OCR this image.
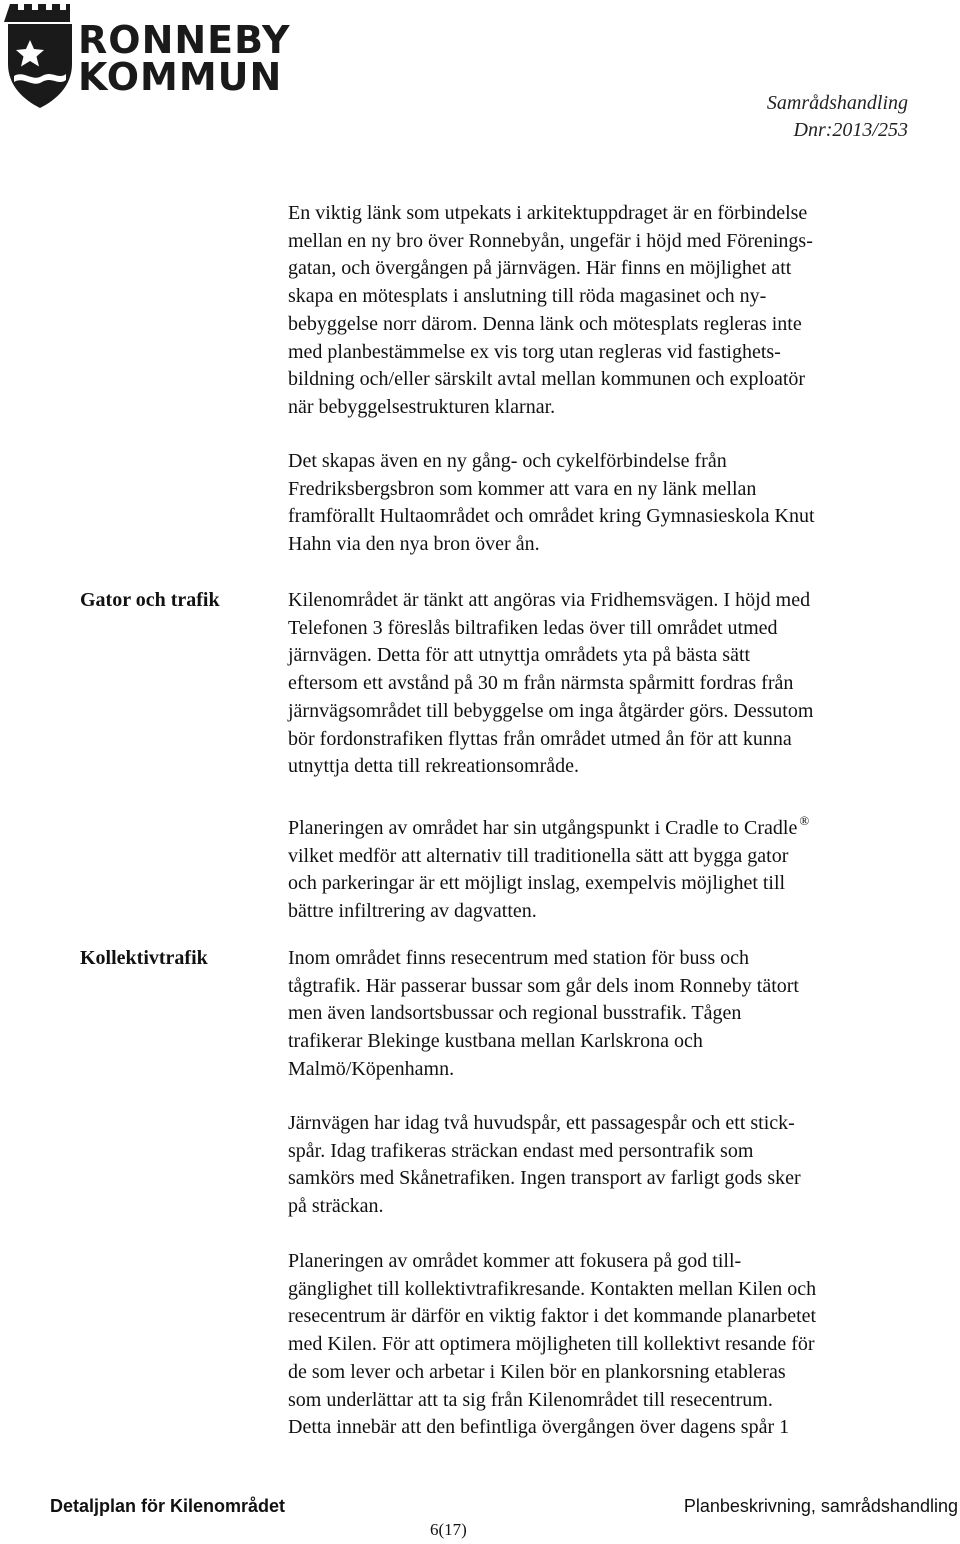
RONNEBY
KOMMUN
Samrådshandling
Dnr:2013/253
En viktig länk som utpekats i arkitektuppdraget är en förbindelse
mellan en ny bro över Ronnebyån, ungefär i höjd med Förenings-
gatan, och övergången på järnvägen. Här finns en möjlighet att
skapa en mötesplats i anslutning till röda magasinet och ny-
bebyggelse norr därom. Denna länk och mötesplats regleras inte
med planbestämmelse ex vis torg utan regleras vid fastighets-
bildning och/eller särskilt avtal mellan kommunen och exploatör
när bebyggelsestrukturen klarnar.
Det skapas även en ny gång- och cykelförbindelse från
Fredriksbergsbron som kommer att vara en ny länk mellan
framförallt Hultaområdet och området kring Gymnasieskola Knut
Hahn via den nya bron över ån.
Gator och trafik	Kilenområdet är tänkt att angöras via Fridhemsvägen. I höjd med
Telefonen 3 föreslås biltrafiken ledas över till området utmed
järnvägen. Detta för att utnyttja områdets yta på bästa sätt
eftersom ett avstånd på 30 m från närmsta spårmitt fordras från
järnvägsområdet till bebyggelse om inga åtgärder görs. Dessutom
bör fordonstrafiken flyttas från området utmed ån för att kunna
utnyttja detta till rekreationsområde.
Planeringen av området har sin utgångspunkt i Cradle to Cradle ®
vilket medför att alternativ till traditionella sätt att bygga gator
och parkeringar är ett möjligt inslag, exempelvis möjlighet till
bättre infiltrering av dagvatten.
Kollektivtrafik	Inom området finns resecentrum med station för buss och
tågtrafik. Här passerar bussar som går dels inom Ronneby tätort
men även landsortsbussar och regional busstrafik. Tågen
trafikerar Blekinge kustbana mellan Karlskrona och
Malmö/Köpenhamn.
Järnvägen har idag två huvudspår, ett passagespår och ett stick-
spår. Idag trafikeras sträckan endast med persontrafik som
samkörs med Skånetrafiken. Ingen transport av farligt gods sker
på sträckan.
Planeringen av området kommer att fokusera på god till-
gänglighet till kollektivtrafikresande. Kontakten mellan Kilen och
resecentrum är därför en viktig faktor i det kommande planarbetet
med Kilen. För att optimera möjligheten till kollektivt resande för
de som lever och arbetar i Kilen bör en plankorsning etableras
som underlättar att ta sig från Kilenområdet till resecentrum.
Detta innebär att den befintliga övergången över dagens spår 1
Detaljplan för Kilenområdet	Planbeskrivning, samrådshandling
6(17)
